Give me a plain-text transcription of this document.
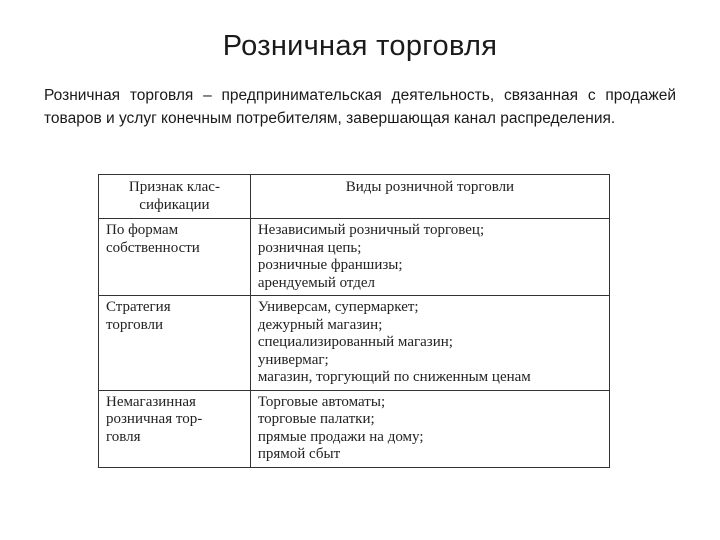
Розничная торговля
Розничная торговля – предпринимательская деятельность, связанная с продажей товаров и услуг конечным потребителям, завершающая канал распределения.
Признак клас-
сификации	Виды розничной торговли

По формам
собственности	Независимый розничный торговец;
розничная цепь;
розничные франшизы;
арендуемый отдел

Стратегия
торговли	Универсам, супермаркет;
дежурный магазин;
специализированный магазин;
универмаг;
магазин, торгующий по сниженным ценам

Немагазинная
розничная тор-
говля	Торговые автоматы;
торговые палатки;
прямые продажи на дому;
прямой сбыт
